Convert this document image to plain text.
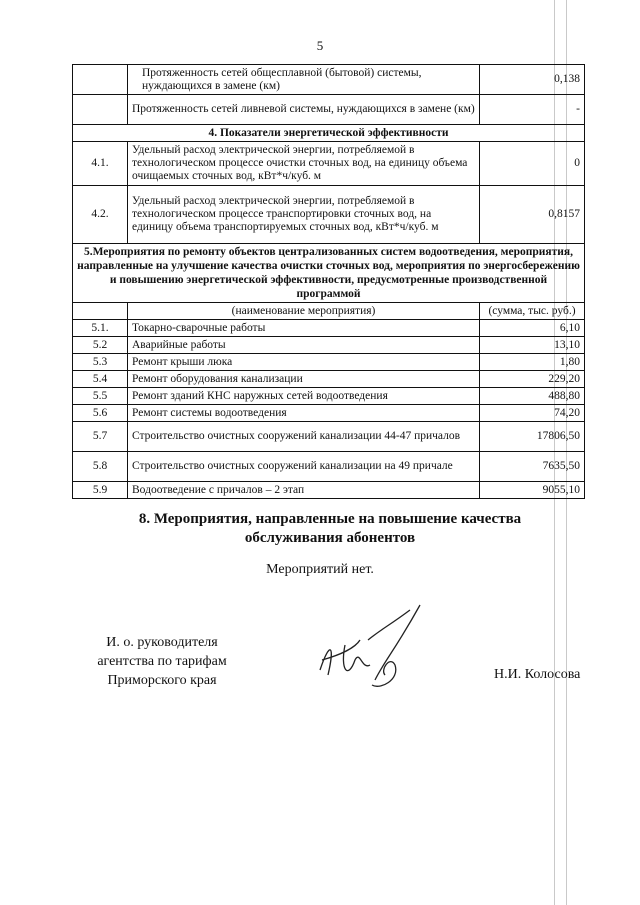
5
	Протяженность сетей общесплавной (бытовой) системы, нуждающихся в замене (км)	0,138
	Протяженность сетей ливневой системы, нуждающихся в замене (км)	-
4. Показатели энергетической эффективности		
4.1.	Удельный расход электрической энергии, потребляемой в технологическом процессе очистки сточных вод, на единицу объема очищаемых сточных вод, кВт*ч/куб. м	0
4.2.	Удельный расход электрической энергии, потребляемой в технологическом процессе транспортировки сточных вод, на единицу объема транспортируемых сточных вод, кВт*ч/куб. м	0,8157
5.Мероприятия по ремонту объектов централизованных систем водоотведения, мероприятия, направленные на улучшение качества очистки сточных вод, мероприятия по энергосбережению и повышению энергетической эффективности, предусмотренные производственной программой		
	(наименование мероприятия)	(сумма, тыс. руб.)
5.1.	Токарно-сварочные работы	6,10
5.2	Аварийные работы	13,10
5.3	Ремонт крыши люка	1,80
5.4	Ремонт оборудования канализации	229,20
5.5	Ремонт зданий КНС наружных сетей водоотведения	488,80
5.6	Ремонт системы водоотведения	74,20
5.7	Строительство очистных сооружений канализации 44-47 причалов	17806,50
5.8	Строительство очистных сооружений канализации на 49 причале	7635,50
5.9	Водоотведение с причалов – 2 этап	9055,10
8. Мероприятия, направленные на повышение качества обслуживания абонентов
Мероприятий нет.
И. о. руководителя
агентства по тарифам
Приморского края	Н.И. Колосова
